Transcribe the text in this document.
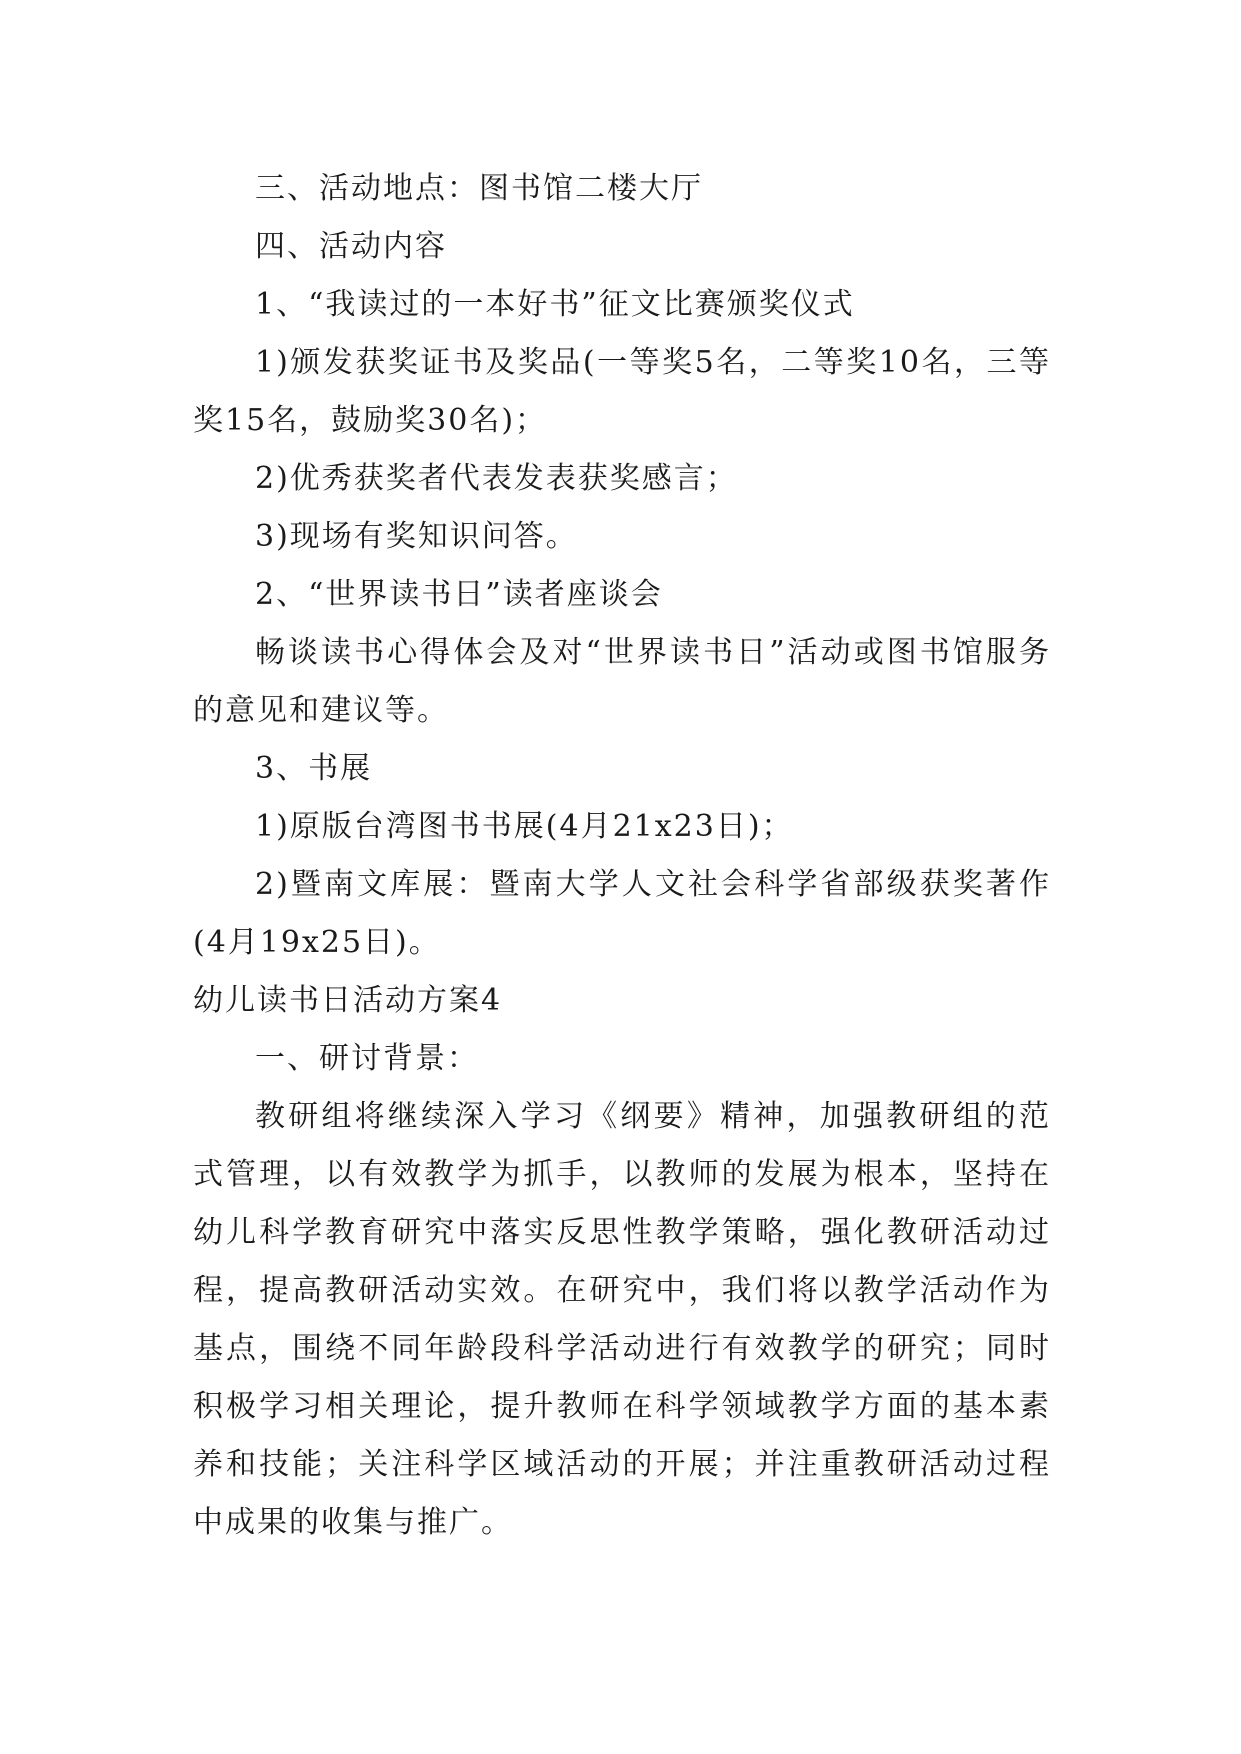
三、活动地点：图书馆二楼大厅

四、活动内容

1、“我读过的一本好书”征文比赛颁奖仪式

1)颁发获奖证书及奖品(一等奖5名，二等奖10名，三等奖15名，鼓励奖30名)；

2)优秀获奖者代表发表获奖感言；

3)现场有奖知识问答。

2、“世界读书日”读者座谈会

畅谈读书心得体会及对“世界读书日”活动或图书馆服务的意见和建议等。

3、书展

1)原版台湾图书书展(4月21x23日)；

2)暨南文库展：暨南大学人文社会科学省部级获奖著作(4月19x25日)。

幼儿读书日活动方案4

一、研讨背景：

教研组将继续深入学习《纲要》精神，加强教研组的范式管理，以有效教学为抓手，以教师的发展为根本，坚持在幼儿科学教育研究中落实反思性教学策略，强化教研活动过程，提高教研活动实效。在研究中，我们将以教学活动作为基点，围绕不同年龄段科学活动进行有效教学的研究；同时积极学习相关理论，提升教师在科学领域教学方面的基本素养和技能；关注科学区域活动的开展；并注重教研活动过程中成果的收集与推广。
